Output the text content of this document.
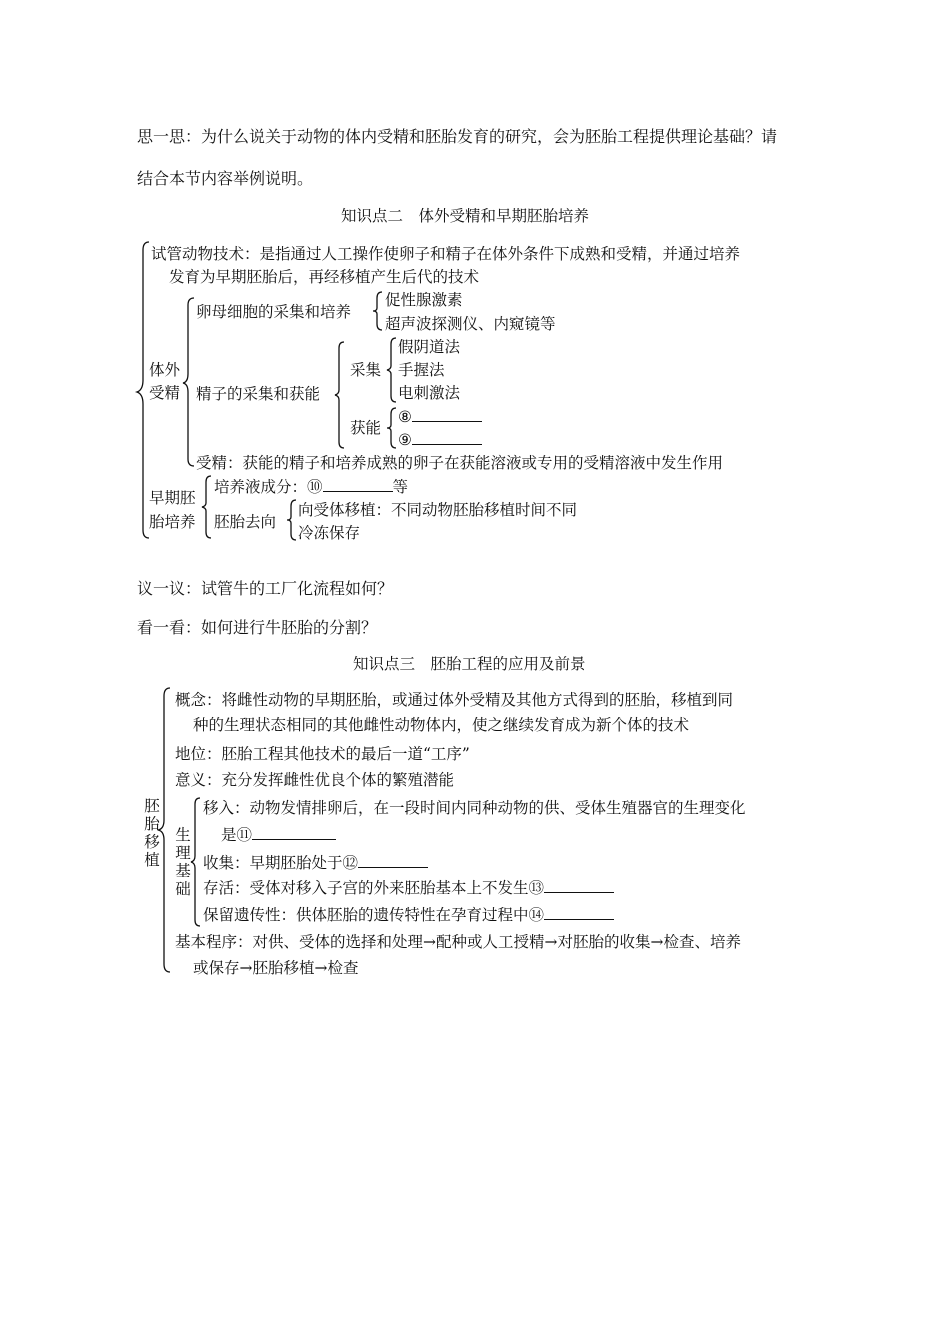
思一思：为什么说关于动物的体内受精和胚胎发育的研究，会为胚胎工程提供理论基础？请
结合本节内容举例说明。
知识点二　体外受精和早期胚胎培养
试管动物技术：是指通过人工操作使卵子和精子在体外条件下成熟和受精，并通过培养
发育为早期胚胎后，再经移植产生后代的技术
体外
受精
卵母细胞的采集和培养
促性腺激素
超声波探测仪、内窥镜等
精子的采集和获能
采集
假阴道法
手握法
电刺激法
获能
⑧
⑨
受精：获能的精子和培养成熟的卵子在获能溶液或专用的受精溶液中发生作用
早期胚
胎培养
培养液成分：⑩	等
胚胎去向
向受体移植：不同动物胚胎移植时间不同
冷冻保存
议一议：试管牛的工厂化流程如何？
看一看：如何进行牛胚胎的分割？
知识点三　胚胎工程的应用及前景
胚胎移植
概念：将雌性动物的早期胚胎，或通过体外受精及其他方式得到的胚胎，移植到同
种的生理状态相同的其他雌性动物体内，使之继续发育成为新个体的技术
地位：胚胎工程其他技术的最后一道“工序”
意义：充分发挥雌性优良个体的繁殖潜能
生理基础
移入：动物发情排卵后，在一段时间内同种动物的供、受体生殖器官的生理变化
是⑪
收集：早期胚胎处于⑫
存活：受体对移入子宫的外来胚胎基本上不发生⑬
保留遗传性：供体胚胎的遗传特性在孕育过程中⑭
基本程序：对供、受体的选择和处理→配种或人工授精→对胚胎的收集→检查、培养
或保存→胚胎移植→检查
